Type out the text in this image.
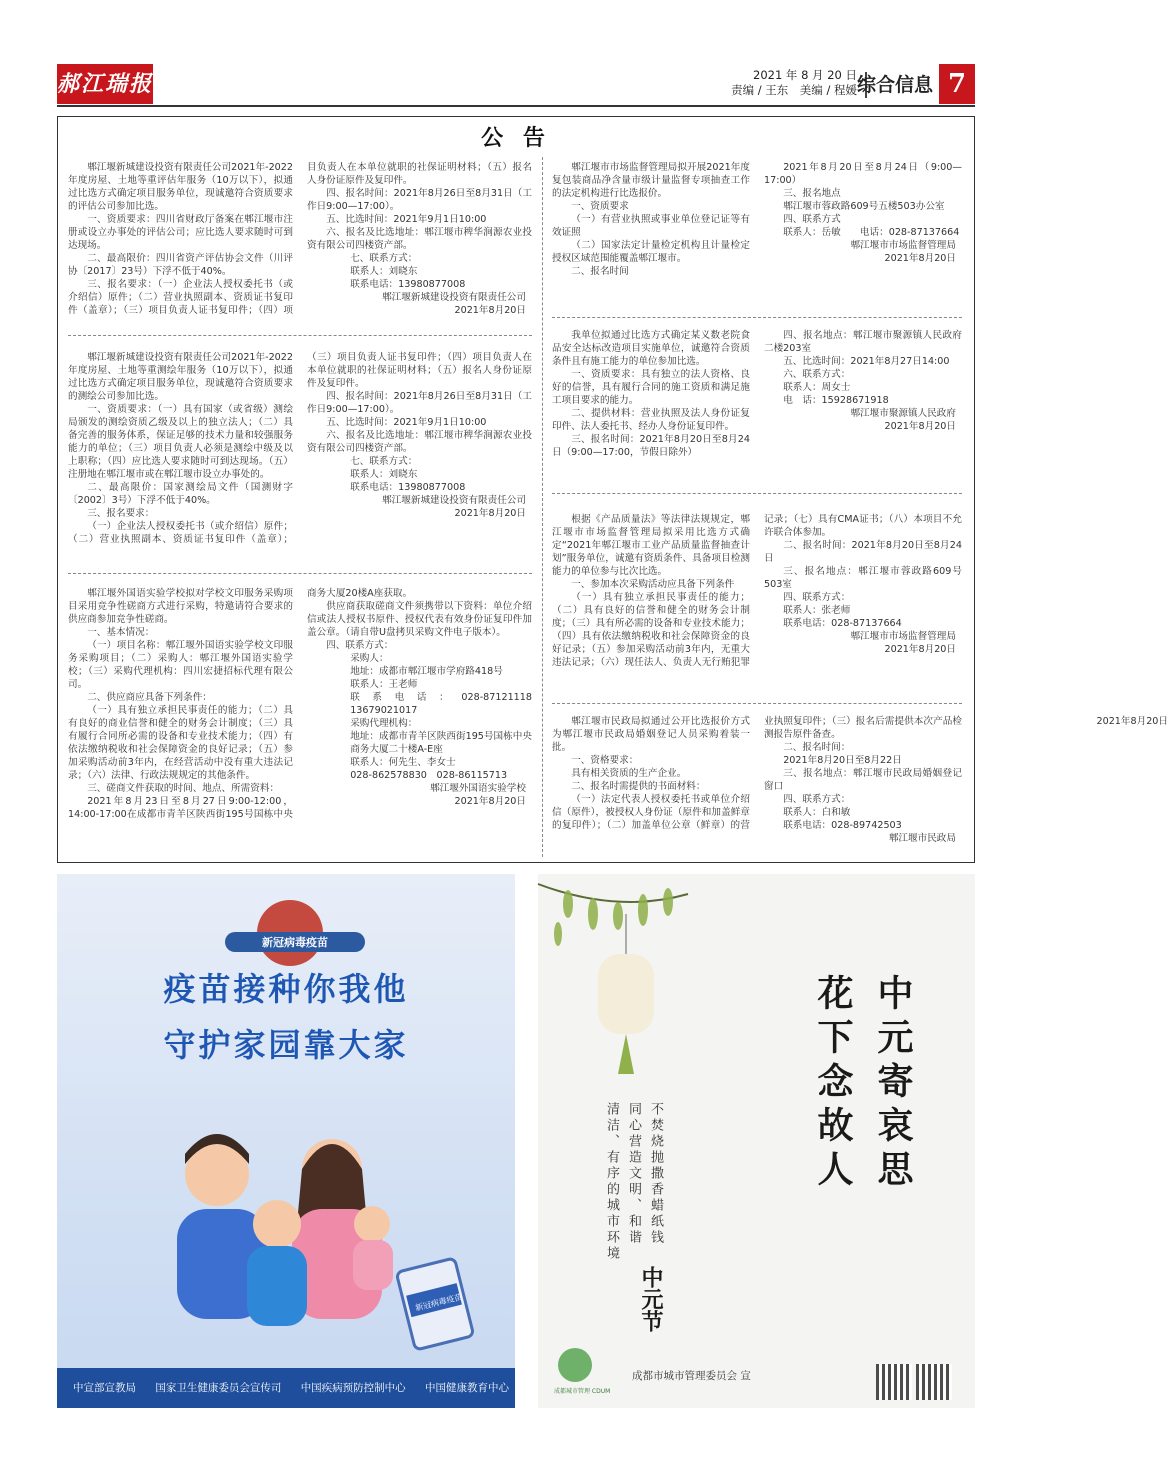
郝江瑞报	2021 年 8 月 20 日
责编 / 王东　美编 / 程媛 综合信息 7
公 告

郫江堰新城建设投资有限责任公司2021年-2022年度房屋、土地等重评估年服务（10万以下），拟通过比选方式确定项目服务单位，现诚邀符合资质要求的评估公司参加比选。

一、资质要求：四川省财政厅备案在郫江堰市注册或设立办事处的评估公司；应比选人要求随时可到达现场。

二、最高限价：四川省资产评估协会文件（川评协〔2017〕23号）下浮不低于40%。

三、报名要求：（一）企业法人授权委托书（或介绍信）原件；（二）营业执照副本、资质证书复印件（盖章）；（三）项目负责人证书复印件；（四）项目负责人在本单位就职的社保证明材料；（五）报名人身份证原件及复印件。

四、报名时间：2021年8月26日至8月31日（工作日9:00—17:00）。

五、比选时间：2021年9月1日10:00

六、报名及比选地址：郫江堰市稗华涧源农业投资有限公司四楼资产部。

七、联系方式：

联系人：刘晓东

联系电话：13980877008

郫江堰新城建设投资有限责任公司

2021年8月20日

郫江堰新城建设投资有限责任公司2021年-2022年度房屋、土地等重测绘年服务（10万以下），拟通过比选方式确定项目服务单位，现诚邀符合资质要求的测绘公司参加比选。

一、资质要求：（一）具有国家（或省级）测绘局颁发的测绘资质乙级及以上的独立法人；（二）具备完善的服务体系，保证足够的技术力量和较强服务能力的单位；（三）项目负责人必须是测绘中级及以上职称；（四）应比选人要求随时可到达现场。（五）注册地在郫江堰市或在郫江堰市设立办事处的。

二、最高限价：国家测绘局文件（国测财字〔2002〕3号）下浮不低于40%。

三、报名要求：

（一）企业法人授权委托书（或介绍信）原件；（二）营业执照副本、资质证书复印件（盖章）；（三）项目负责人证书复印件；（四）项目负责人在本单位就职的社保证明材料；（五）报名人身份证原件及复印件。

四、报名时间：2021年8月26日至8月31日（工作日9:00—17:00）。

五、比选时间：2021年9月1日10:00

六、报名及比选地址：郫江堰市稗华涧源农业投资有限公司四楼资产部。

七、联系方式：

联系人：刘晓东

联系电话：13980877008

郫江堰新城建设投资有限责任公司

2021年8月20日

郫江堰外国语实验学校拟对学校文印服务采购项目采用竞争性磋商方式进行采购，特邀请符合要求的供应商参加竞争性磋商。

一、基本情况：

（一）项目名称：郫江堰外国语实验学校文印服务采购项目；（二）采购人：郫江堰外国语实验学校；（三）采购代理机构：四川宏捷招标代理有限公司。

二、供应商应具备下列条件：

（一）具有独立承担民事责任的能力；（二）具有良好的商业信誉和健全的财务会计制度；（三）具有履行合同所必需的设备和专业技术能力；（四）有依法缴纳税收和社会保障资金的良好记录；（五）参加采购活动前3年内，在经营活动中没有重大违法记录；（六）法律、行政法规规定的其他条件。

三、磋商文件获取的时间、地点、所需资料：

2021年8月23日至8月27日9:00-12:00，14:00-17:00在成都市青羊区陕西街195号国栋中央商务大厦20楼A座获取。

供应商获取磋商文件须携带以下资料：单位介绍信或法人授权书原件、授权代表有效身份证复印件加盖公章。（请自带U盘拷贝采购文件电子版本）。

四、联系方式：

采购人：

地址：成都市郫江堰市学府路418号

联系人：王老师

联系电话：028-87121118　13679021017

采购代理机构：

地址：成都市青羊区陕西街195号国栋中央商务大厦二十楼A-E座

联系人：何先生、李女士

028-862578830　028-86115713

郫江堰外国语实验学校

2021年8月20日

郫江堰市市场监督管理局拟开展2021年度复包装商品净含量市级计量监督专项抽查工作的法定机构进行比选报价。

一、资质要求

（一）有营业执照或事业单位登记证等有效证照

（二）国家法定计量检定机构且计量检定授权区域范围能覆盖郫江堰市。

二、报名时间

2021年8月20日至8月24日（9:00—17:00）

三、报名地点

郫江堰市蓉政路609号五楼503办公室

四、联系方式

联系人：岳敏　　电话：028-87137664

郫江堰市市场监督管理局

2021年8月20日

我单位拟通过比选方式确定某义数老院食品安全达标改造项目实施单位，诚邀符合资质条件且有施工能力的单位参加比选。

一、资质要求：具有独立的法人资格、良好的信誉，具有履行合同的施工资质和满足施工项目要求的能力。

二、提供材料：营业执照及法人身份证复印件、法人委托书、经办人身份证复印件。

三、报名时间：2021年8月20日至8月24日（9:00—17:00，节假日除外）

四、报名地点：郫江堰市聚源镇人民政府二楼203室

五、比选时间：2021年8月27日14:00

六、联系方式：

联系人：周女士

电　话：15928671918

郫江堰市聚源镇人民政府

2021年8月20日

根据《产品质量法》等法律法规规定，郫江堰市市场监督管理局拟采用比选方式确定“2021年郫江堰市工业产品质量监督抽查计划”服务单位，诚邀有资质条件、具备项目检测能力的单位参与比次比选。

一、参加本次采购活动应具备下列条件

（一）具有独立承担民事责任的能力；（二）具有良好的信誉和健全的财务会计制度；（三）具有所必需的设备和专业技术能力；（四）具有依法缴纳税收和社会保障资金的良好记录；（五）参加采购活动前3年内，无重大违法记录；（六）现任法人、负责人无行贿犯罪记录；（七）具有CMA证书；（八）本项目不允许联合体参加。

二、报名时间：2021年8月20日至8月24日

三、报名地点：郫江堰市蓉政路609号503室

四、联系方式：

联系人：张老师

联系电话：028-87137664

郫江堰市市场监督管理局

2021年8月20日

郫江堰市民政局拟通过公开比选报价方式为郫江堰市民政局婚姻登记人员采购着装一批。

一、资格要求：

具有相关资质的生产企业。

二、报名时需提供的书面材料：

（一）法定代表人授权委托书或单位介绍信（原件），被授权人身份证（原件和加盖鲜章的复印件）；（二）加盖单位公章（鲜章）的营业执照复印件；（三）报名后需提供本次产品检测报告原件备查。

二、报名时间：

2021年8月20日至8月22日

三、报名地点：郫江堰市民政局婚姻登记窗口

四、联系方式：

联系人：白和敏

联系电话：028-89742503

郫江堰市民政局

2021年8月20日

新冠病毒疫苗
疫苗接种你我他
守护家园靠大家
新冠病毒疫苗
中宣部宣教局 国家卫生健康委员会宣传司 中国疾病预防控制中心 中国健康教育中心
中元寄哀思
花下念故人
不焚烧抛撒香蜡纸钱
同心营造文明、和谐
清洁、有序的城市环境
中元节
成都城市管理 CDUM
成都市城市管理委员会 宣
